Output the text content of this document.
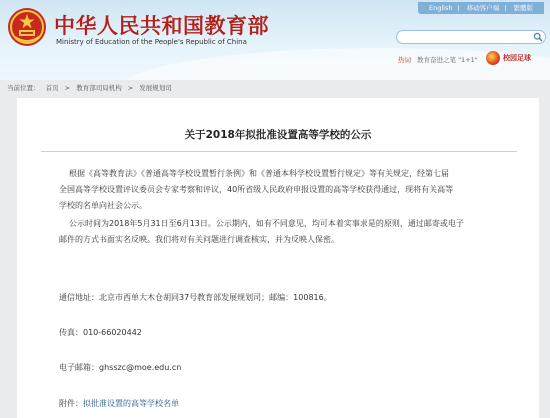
中华人民共和国教育部
Ministry of Education of the People's Republic of China
English | 移动客户端 | 繁體版
热词 教育奋进之笔 "1+1"	校园足球
当前位置： 首页 > 教育部司局机构 > 发展规划司
关于2018年拟批准设置高等学校的公示
根据《高等教育法》《普通高等学校设置暂行条例》和《普通本科学校设置暂行规定》等有关规定，经第七届
全国高等学校设置评议委员会专家考察和评议，40所省级人民政府申报设置的高等学校获得通过，现将有关高等
学校的名单向社会公示。
公示时间为2018年5月31日至6月13日。公示期内，如有不同意见，均可本着实事求是的原则，通过邮寄或电子
邮件的方式书面实名反映。我们将对有关问题进行调查核实，并为反映人保密。
通信地址：北京市西单大木仓胡同37号教育部发展规划司；邮编：100816。
传真：010-66020442
电子邮箱：ghsszc@moe.edu.cn
附件：拟批准设置的高等学校名单
